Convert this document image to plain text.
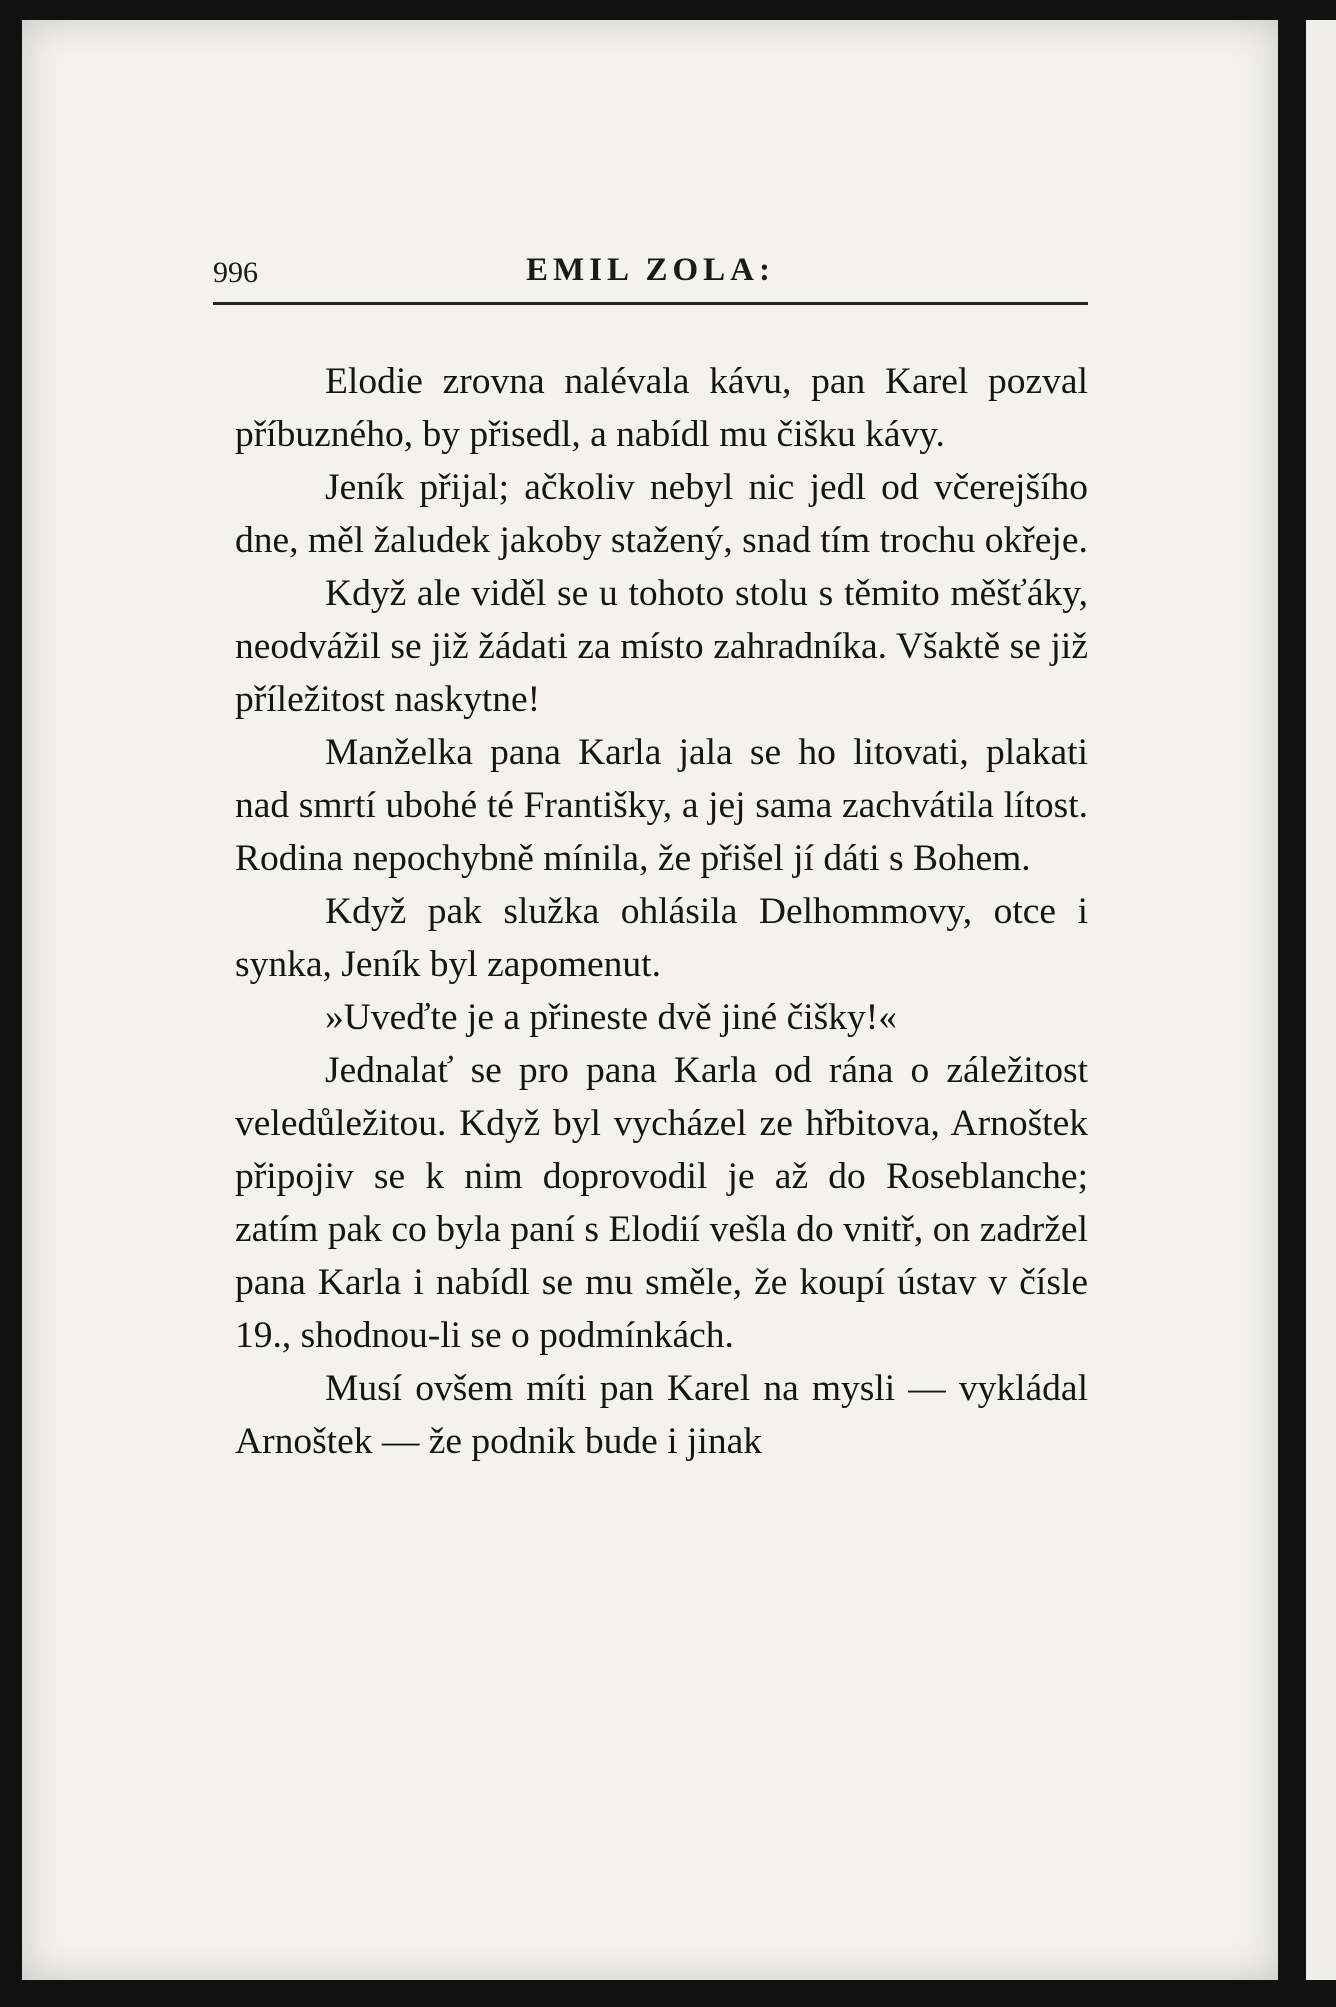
996	EMIL ZOLA:

Elodie zrovna nalévala kávu, pan Karel pozval příbuzného, by přisedl, a nabídl mu čišku kávy.

Jeník přijal; ačkoliv nebyl nic jedl od včerejšího dne, měl žaludek jakoby stažený, snad tím trochu okřeje.

Když ale viděl se u tohoto stolu s těmito měšťáky, neodvážil se již žádati za místo zahradníka. Všaktě se již příležitost naskytne!

Manželka pana Karla jala se ho litovati, plakati nad smrtí ubohé té Františky, a jej sama zachvátila lítost. Rodina nepochybně mínila, že přišel jí dáti s Bohem.

Když pak služka ohlásila Delhommovy, otce i synka, Jeník byl zapomenut.

»Uveďte je a přineste dvě jiné čišky!«

Jednalať se pro pana Karla od rána o záležitost veledůležitou. Když byl vycházel ze hřbitova, Arnoštek připojiv se k nim doprovodil je až do Roseblanche; zatím pak co byla paní s Elodií vešla do vnitř, on zadržel pana Karla i nabídl se mu směle, že koupí ústav v čísle 19., shodnou-li se o podmínkách.

Musí ovšem míti pan Karel na mysli — vykládal Arnoštek — že podnik bude i jinak
